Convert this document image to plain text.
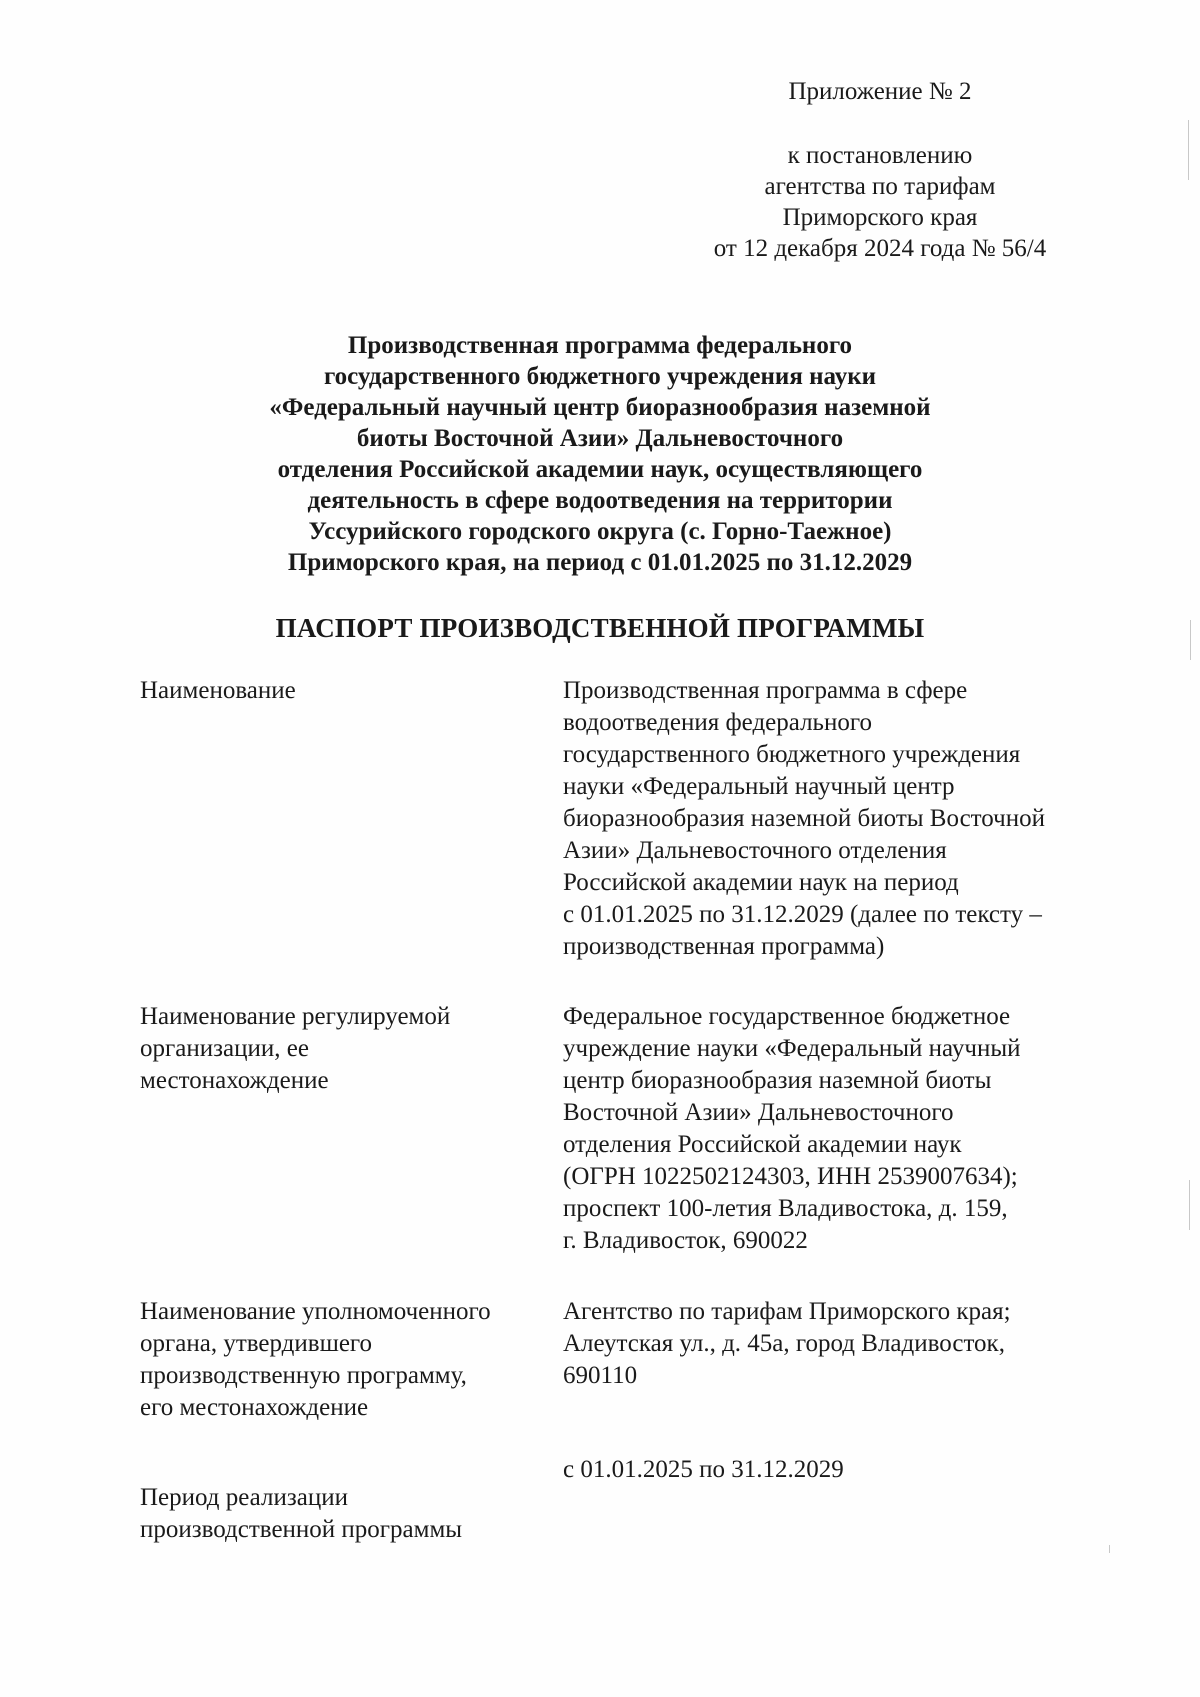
Приложение № 2
к постановлению
агентства по тарифам
Приморского края
от 12 декабря 2024 года № 56/4
Производственная программа федерального
государственного бюджетного учреждения науки
«Федеральный научный центр биоразнообразия наземной
биоты Восточной Азии» Дальневосточного
отделения Российской академии наук, осуществляющего
деятельность в сфере водоотведения на территории
Уссурийского городского округа (с. Горно-Таежное)
Приморского края, на период с 01.01.2025 по 31.12.2029
ПАСПОРТ ПРОИЗВОДСТВЕННОЙ ПРОГРАММЫ
Наименование	Производственная программа в сфере
водоотведения федерального
государственного бюджетного учреждения
науки «Федеральный научный центр
биоразнообразия наземной биоты Восточной
Азии» Дальневосточного отделения
Российской академии наук на период
с 01.01.2025 по 31.12.2029 (далее по тексту –
производственная программа)
Наименование регулируемой
организации, ее
местонахождение
Федеральное государственное бюджетное
учреждение науки «Федеральный научный
центр биоразнообразия наземной биоты
Восточной Азии» Дальневосточного
отделения Российской академии наук
(ОГРН 1022502124303, ИНН 2539007634);
проспект 100-летия Владивостока, д. 159,
г. Владивосток, 690022
Наименование уполномоченного
органа, утвердившего
производственную программу,
его местонахождение
Агентство по тарифам Приморского края;
Алеутская ул., д. 45а, город Владивосток,
690110
Период реализации
производственной программы
с 01.01.2025 по 31.12.2029
